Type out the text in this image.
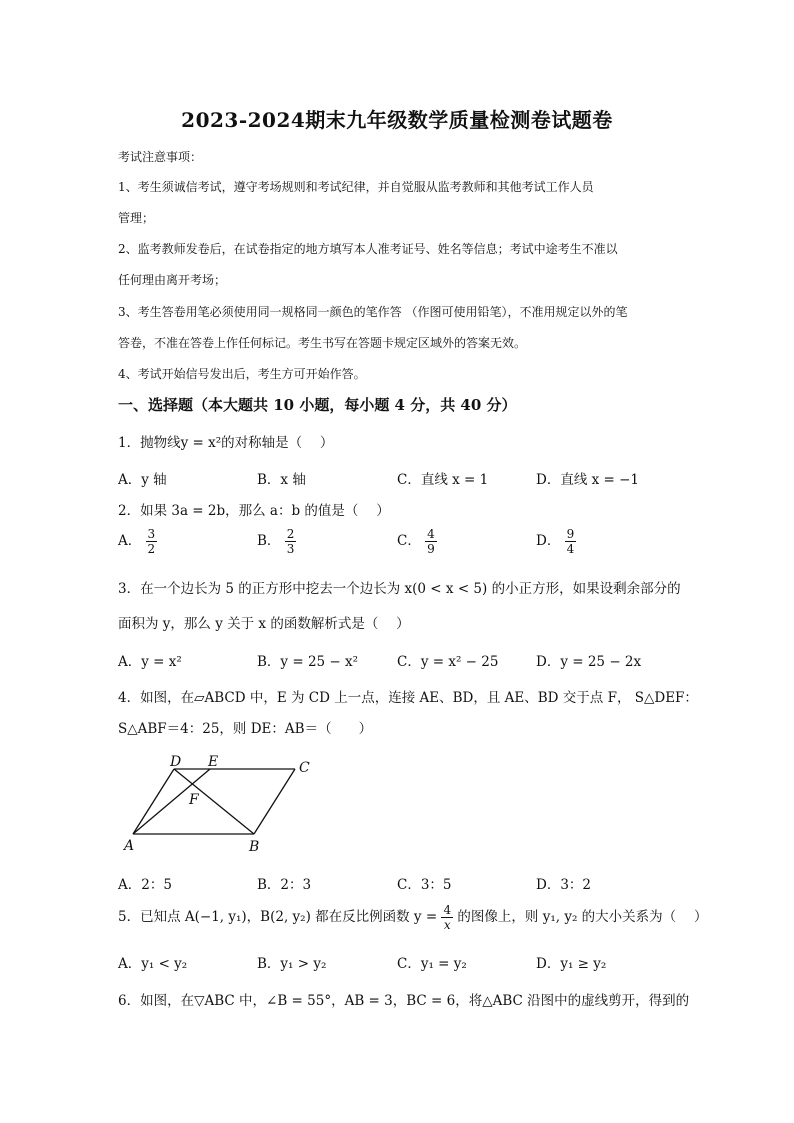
2023-2024期末九年级数学质量检测卷试题卷
考试注意事项：
1、考生须诚信考试，遵守考场规则和考试纪律，并自觉服从监考教师和其他考试工作人员
管理；
2、监考教师发卷后，在试卷指定的地方填写本人准考证号、姓名等信息；考试中途考生不准以
任何理由离开考场；
3、考生答卷用笔必须使用同一规格同一颜色的笔作答 （作图可使用铅笔），不准用规定以外的笔
答卷，不准在答卷上作任何标记。考生书写在答题卡规定区域外的答案无效。
4、考试开始信号发出后，考生方可开始作答。
一、选择题（本大题共 10 小题，每小题 4 分，共 40 分）
1．抛物线y = x²的对称轴是（　 ）
A．y 轴	B．x 轴	C．直线 x = 1	D．直线 x = −1
2．如果 3a = 2b，那么 a：b 的值是（　 ）
A． $\frac{3}{2}$	B． $\frac{2}{3}$	C． $\frac{4}{9}$	D． $\frac{9}{4}$
3．在一个边长为 5 的正方形中挖去一个边长为 x(0 < x < 5) 的小正方形，如果设剩余部分的
面积为 y，那么 y 关于 x 的函数解析式是（　 ）
A．y = x²	B．y = 25 − x²	C．y = x² − 25	D．y = 25 − 2x
4．如图，在▱ABCD 中，E 为 CD 上一点，连接 AE、BD，且 AE、BD 交于点 F， S△DEF：
S△ABF＝4：25，则 DE：AB＝（　　）
D E	C
F
A	B
A．2：5	B．2：3	C．3：5	D．3：2
5．已知点 A(−1, y₁)，B(2, y₂) 都在反比例函数 $y = \frac{4}{x}$ 的图像上，则 y₁, y₂ 的大小关系为（　 ）
A．y₁ < y₂	B．y₁ > y₂	C．y₁ = y₂	D．y₁ ≥ y₂
6．如图，在▽ABC 中，∠B = 55°，AB = 3，BC = 6，将△ABC 沿图中的虚线剪开，得到的
